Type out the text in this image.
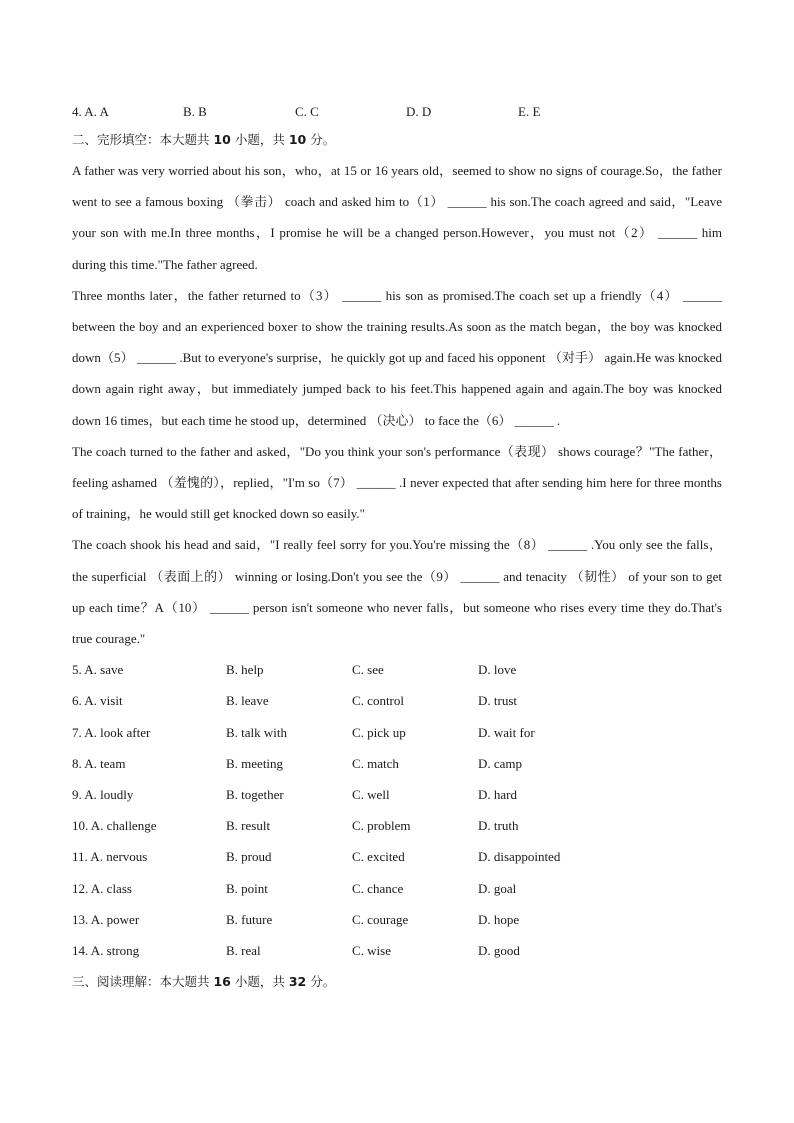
4. A. A	B. B	C. C	D. D	E. E
二、完形填空：本大题共 10 小题，共 10 分。

A father was very worried about his son，who，at 15 or 16 years old，seemed to show no signs of courage.So，the father went to see a famous boxing （拳击） coach and asked him to（1） ______ his son.The coach agreed and said，"Leave your son with me.In three months，I promise he will be a changed person.However，you must not（2） ______ him during this time."The father agreed.

Three months later，the father returned to（3） ______ his son as promised.The coach set up a friendly（4） ______ between the boy and an experienced boxer to show the training results.As soon as the match began，the boy was knocked down（5） ______ .But to everyone's surprise，he quickly got up and faced his opponent （对手） again.He was knocked down again right away，but immediately jumped back to his feet.This happened again and again.The boy was knocked down 16 times，but each time he stood up，determined （决心） to face the（6） ______ .

The coach turned to the father and asked，"Do you think your son's performance（表现） shows courage？"The father，feeling ashamed （羞愧的），replied，"I'm so（7） ______ .I never expected that after sending him here for three months of training，he would still get knocked down so easily."

The coach shook his head and said，"I really feel sorry for you.You're missing the（8） ______ .You only see the falls，the superficial （表面上的） winning or losing.Don't you see the（9） ______ and tenacity （韧性） of your son to get up each time？A（10） ______ person isn't someone who never falls，but someone who rises every time they do.That's true courage."

5. A. save	B. help	C. see	D. love
6. A. visit	B. leave	C. control	D. trust
7. A. look after	B. talk with	C. pick up	D. wait for
8. A. team	B. meeting	C. match	D. camp
9. A. loudly	B. together	C. well	D. hard
10. A. challenge	B. result	C. problem	D. truth
11. A. nervous	B. proud	C. excited	D. disappointed
12. A. class	B. point	C. chance	D. goal
13. A. power	B. future	C. courage	D. hope
14. A. strong	B. real	C. wise	D. good
三、阅读理解：本大题共 16 小题，共 32 分。
